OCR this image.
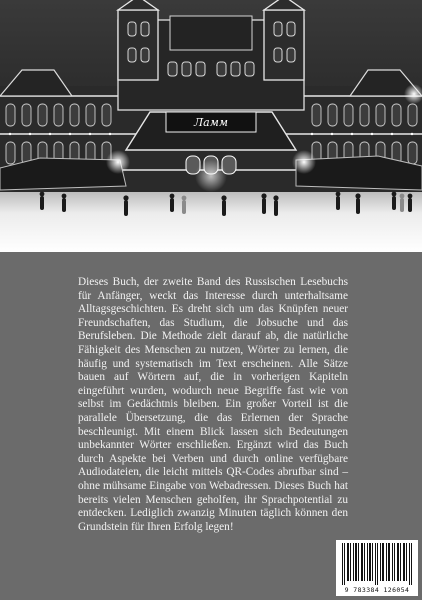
Ламм

Dieses Buch, der zweite Band des Russischen Lesebuchs für Anfänger, weckt das Interesse durch unterhaltsame Alltagsgeschichten. Es dreht sich um das Knüpfen neuer Freundschaften, das Studium, die Jobsuche und das Berufsleben. Die Methode zielt darauf ab, die natürliche Fähigkeit des Menschen zu nutzen, Wörter zu lernen, die häufig und systematisch im Text erscheinen. Alle Sätze bauen auf Wörtern auf, die in vorherigen Kapiteln eingeführt wurden, wodurch neue Begriffe fast wie von selbst im Gedächtnis bleiben. Ein großer Vorteil ist die parallele Übersetzung, die das Erlernen der Sprache beschleunigt. Mit einem Blick lassen sich Bedeutungen unbekannter Wörter erschließen. Ergänzt wird das Buch durch Aspekte bei Verben und durch online verfügbare Audiodateien, die leicht mittels QR-Codes abrufbar sind – ohne mühsame Eingabe von Webadressen. Dieses Buch hat bereits vielen Menschen geholfen, ihr Sprachpotential zu entdecken. Lediglich zwanzig Minuten täglich können den Grundstein für Ihren Erfolg legen!

9 783384 126054
